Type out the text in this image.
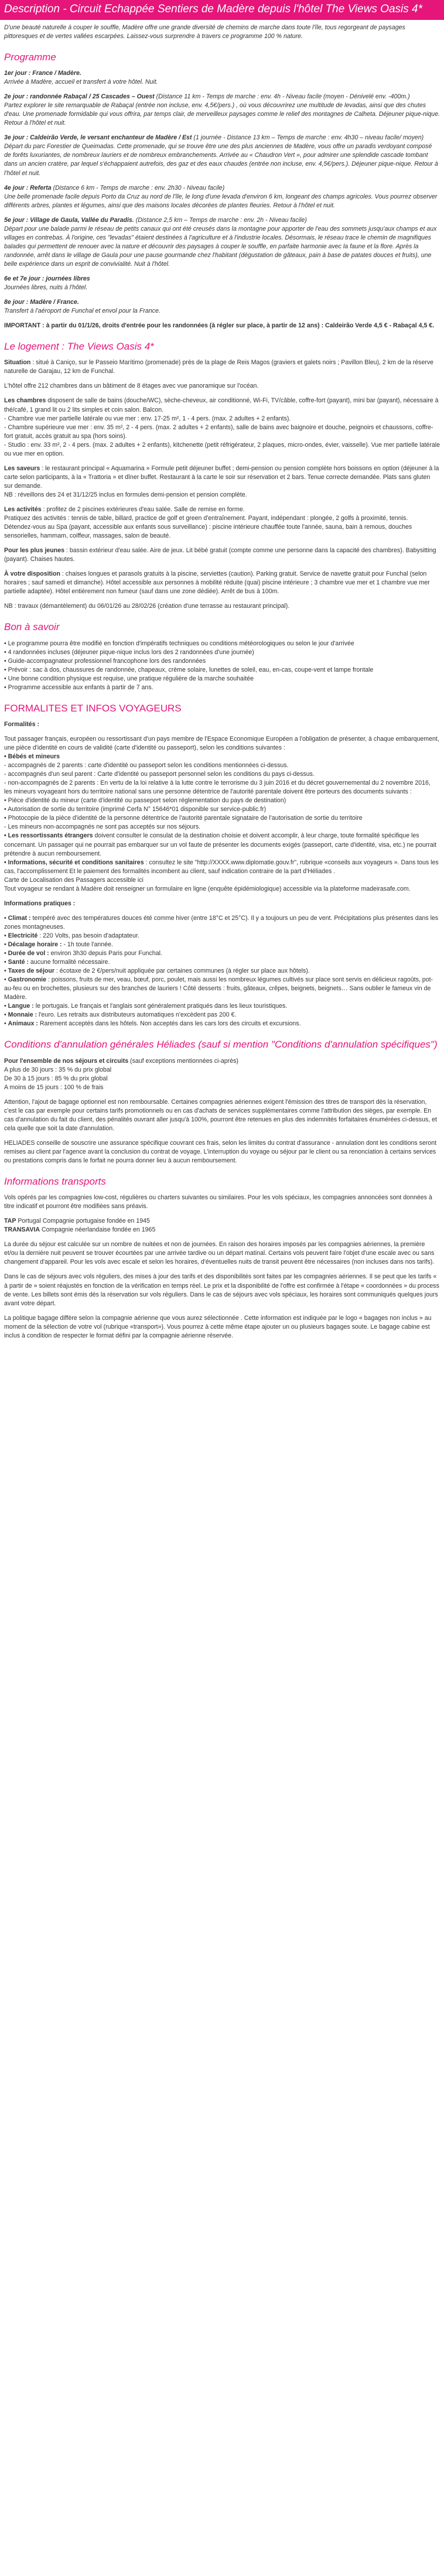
Description - Circuit Echappée Sentiers de Madère depuis l'hôtel The Views Oasis 4*

D'une beauté naturelle à couper le souffle, Madère offre une grande diversité de chemins de marche dans toute l'île, tous regorgeant de paysages pittoresques et de vertes vallées escarpées. Laissez-vous surprendre à travers ce programme 100 % nature.

Programme

1er jour : France / Madère.
Arrivée à Madère, accueil et transfert à votre hôtel. Nuit.

2e jour : randonnée Rabaçal / 25 Cascades – Ouest (Distance 11 km - Temps de marche : env. 4h - Niveau facile (moyen - Dénivelé env. -400m.)
Partez explorer le site remarquable de Rabaçal (entrée non incluse, env. 4,5€/pers.) , où vous découvrirez une multitude de levadas, ainsi que des chutes d'eau. Une promenade formidable qui vous offrira, par temps clair, de merveilleux paysages comme le relief des montagnes de Calheta. Déjeuner pique-nique. Retour à l'hôtel et nuit.

3e jour : Caldeirão Verde, le versant enchanteur de Madère / Est (1 journée - Distance 13 km – Temps de marche : env. 4h30 – niveau facile/ moyen)
Départ du parc Forestier de Queimadas. Cette promenade, qui se trouve être une des plus anciennes de Madère, vous offre un paradis verdoyant composé de forêts luxuriantes, de nombreux lauriers et de nombreux embranchements. Arrivée au « Chaudron Vert », pour admirer une splendide cascade tombant dans un ancien cratère, par lequel s'échappaient autrefois, des gaz et des eaux chaudes (entrée non incluse, env. 4,5€/pers.). Déjeuner pique-nique. Retour à l'hôtel et nuit.

4e jour : Referta (Distance 6 km - Temps de marche : env. 2h30 - Niveau facile)
Une belle promenade facile depuis Porto da Cruz au nord de l'île, le long d'une levada d'environ 6 km, longeant des champs agricoles. Vous pourrez observer différents arbres, plantes et légumes, ainsi que des maisons locales décorées de plantes fleuries. Retour à l'hôtel et nuit.

5e jour : Village de Gaula, Vallée du Paradis. (Distance 2,5 km – Temps de marche : env. 2h - Niveau facile)
Départ pour une balade parmi le réseau de petits canaux qui ont été creusés dans la montagne pour apporter de l'eau des sommets jusqu'aux champs et aux villages en contrebas. À l'origine, ces "levadas" étaient destinées à l'agriculture et à l'industrie locales. Désormais, le réseau trace le chemin de magnifiques balades qui permettent de renouer avec la nature et découvrir des paysages à couper le souffle, en parfaite harmonie avec la faune et la flore. Après la randonnée, arrêt dans le village de Gaula pour une pause gourmande chez l'habitant (dégustation de gâteaux, pain à base de patates douces et fruits), une belle expérience dans un esprit de convivialité. Nuit à l'hôtel.

6e et 7e jour : journées libres
Journées libres, nuits à l'hôtel.

8e jour : Madère / France.
Transfert à l'aéroport de Funchal et envol pour la France.

IMPORTANT : à partir du 01/1/26, droits d'entrée pour les randonnées (à régler sur place, à partir de 12 ans) : Caldeirão Verde 4,5 € - Rabaçal 4,5 €.

Le logement : The Views Oasis 4*

Situation : situé à Caniço, sur le Passeio Marítimo (promenade) près de la plage de Reis Magos (graviers et galets noirs ; Pavillon Bleu), 2 km de la réserve naturelle de Garajau, 12 km de Funchal.

L'hôtel offre 212 chambres dans un bâtiment de 8 étages avec vue panoramique sur l'océan.

Les chambres disposent de salle de bains (douche/WC), sèche-cheveux, air conditionné, Wi-Fi, TV/câble, coffre-fort (payant), mini bar (payant), nécessaire à thé/café, 1 grand lit ou 2 lits simples et coin salon. Balcon.
- Chambre vue mer partielle latérale ou vue mer : env. 17-25 m², 1 - 4 pers. (max. 2 adultes + 2 enfants).
- Chambre supérieure vue mer : env. 35 m², 2 - 4 pers. (max. 2 adultes + 2 enfants), salle de bains avec baignoire et douche, peignoirs et chaussons, coffre-fort gratuit, accès gratuit au spa (hors soins).
- Studio : env. 33 m², 2 - 4 pers. (max. 2 adultes + 2 enfants), kitchenette (petit réfrigérateur, 2 plaques, micro-ondes, évier, vaisselle). Vue mer partielle latérale ou vue mer en option.

Les saveurs : le restaurant principal « Aquamarina » Formule petit déjeuner buffet ; demi-pension ou pension complète hors boissons en option (déjeuner à la carte selon participants, à la « Trattoria » et dîner buffet. Restaurant à la carte le soir sur réservation et 2 bars. Tenue correcte demandée. Plats sans gluten sur demande.
NB : réveillons des 24 et 31/12/25 inclus en formules demi-pension et pension complète.

Les activités : profitez de 2 piscines extérieures d'eau salée. Salle de remise en forme.
Pratiquez des activités : tennis de table, billard, practice de golf et green d'entraînement. Payant, indépendant : plongée, 2 golfs à proximité, tennis.
Détendez-vous au Spa (payant, accessible aux enfants sous surveillance) : piscine intérieure chauffée toute l'année, sauna, bain à remous, douches sensorielles, hammam, coiffeur, massages, salon de beauté.

Pour les plus jeunes : bassin extérieur d'eau salée. Aire de jeux. Lit bébé gratuit (compte comme une personne dans la capacité des chambres). Babysitting (payant). Chaises hautes.

À votre disposition : chaises longues et parasols gratuits à la piscine, serviettes (caution). Parking gratuit. Service de navette gratuit pour Funchal (selon horaires ; sauf samedi et dimanche). Hôtel accessible aux personnes à mobilité réduite (quai) piscine intérieure ; 3 chambre vue mer et 1 chambre vue mer partielle adaptée). Hôtel entièrement non fumeur (sauf dans une zone dédiée). Arrêt de bus à 100m.

NB : travaux (démantèlement) du 06/01/26 au 28/02/26 (création d'une terrasse au restaurant principal).

Bon à savoir
• Le programme pourra être modifié en fonction d'impératifs techniques ou conditions météorologiques ou selon le jour d'arrivée
• 4 randonnées incluses (déjeuner pique-nique inclus lors des 2 randonnées d'une journée)
• Guide-accompagnateur professionnel francophone lors des randonnées
• Prévoir : sac à dos, chaussures de randonnée, chapeaux, crème solaire, lunettes de soleil, eau, en-cas, coupe-vent et lampe frontale
• Une bonne condition physique est requise, une pratique régulière de la marche souhaitée
• Programme accessible aux enfants à partir de 7 ans.
FORMALITES ET INFOS VOYAGEURS

Formalités :

Tout passager français, européen ou ressortissant d'un pays membre de l'Espace Economique Européen a l'obligation de présenter, à chaque embarquement, une pièce d'identité en cours de validité (carte d'identité ou passeport), selon les conditions suivantes :
• Bébés et mineurs
- accompagnés de 2 parents : carte d'identité ou passeport selon les conditions mentionnées ci-dessus.
- accompagnés d'un seul parent : Carte d'identité ou passeport personnel selon les conditions du pays ci-dessus.
- non-accompagnés de 2 parents : En vertu de la loi relative à la lutte contre le terrorisme du 3 juin 2016 et du décret gouvernemental du 2 novembre 2016, les mineurs voyageant hors du territoire national sans une personne détentrice de l'autorité parentale doivent être porteurs des documents suivants :
• Pièce d'identité du mineur (carte d'identité ou passeport selon réglementation du pays de destination)
• Autorisation de sortie du territoire (imprimé Cerfa N° 15646*01 disponible sur service-public.fr)
• Photocopie de la pièce d'identité de la personne détentrice de l'autorité parentale signataire de l'autorisation de sortie du territoire
- Les mineurs non-accompagnés ne sont pas acceptés sur nos séjours.
• Les ressortissants étrangers doivent consulter le consulat de la destination choisie et doivent accomplir, à leur charge, toute formalité spécifique les concernant. Un passager qui ne pourrait pas embarquer sur un vol faute de présenter les documents exigés (passeport, carte d'identité, visa, etc.) ne pourrait prétendre à aucun remboursement.
• Informations, sécurité et conditions sanitaires : consultez le site "http://XXXX.www.diplomatie.gouv.fr", rubrique «conseils aux voyageurs ». Dans tous les cas, l'accomplissement Et le paiement des formalités incombent au client, sauf indication contraire de la part d'Héliades .
Carte de Localisation des Passagers accessible ici
Tout voyageur se rendant à Madère doit renseigner un formulaire en ligne (enquête épidémiologique) accessible via la plateforme madeirasafe.com.

Informations pratiques :

• Climat : tempéré avec des températures douces été comme hiver (entre 18°C et 25°C). Il y a toujours un peu de vent. Précipitations plus présentes dans les zones montagneuses.
• Electricité : 220 Volts, pas besoin d'adaptateur.
• Décalage horaire : - 1h toute l'année.
• Durée de vol : environ 3h30 depuis Paris pour Funchal.
• Santé : aucune formalité nécessaire.
• Taxes de séjour : écotaxe de 2 €/pers/nuit appliquée par certaines communes (à régler sur place aux hôtels).
• Gastronomie : poissons, fruits de mer, veau, bœuf, porc, poulet, mais aussi les nombreux légumes cultivés sur place sont servis en délicieux ragoûts, pot-au-feu ou en brochettes, plusieurs sur des branches de lauriers ! Côté desserts : fruits, gâteaux, crêpes, beignets, beignets… Sans oublier le fameux vin de Madère.
• Langue : le portugais. Le français et l'anglais sont généralement pratiqués dans les lieux touristiques.
• Monnaie : l'euro. Les retraits aux distributeurs automatiques n'excèdent pas 200 €.
• Animaux : Rarement acceptés dans les hôtels. Non acceptés dans les cars lors des circuits et excursions.
Conditions d'annulation générales Héliades (sauf si mention "Conditions d'annulation spécifiques")

Pour l'ensemble de nos séjours et circuits (sauf exceptions mentionnées ci-après)
A plus de 30 jours : 35 % du prix global
De 30 à 15 jours : 85 % du prix global
A moins de 15 jours : 100 % de frais

Attention, l'ajout de bagage optionnel est non remboursable. Certaines compagnies aériennes exigent l'émission des titres de transport dès la réservation, c'est le cas par exemple pour certains tarifs promotionnels ou en cas d'achats de services supplémentaires comme l'attribution des sièges, par exemple. En cas d'annulation du fait du client, des pénalités ouvrant aller jusqu'à 100%, pourront être retenues en plus des indemnités forfaitaires énumérées ci-dessus, et cela quelle que soit la date d'annulation.

HELIADES conseille de souscrire une assurance spécifique couvrant ces frais, selon les limites du contrat d'assurance - annulation dont les conditions seront remises au client par l'agence avant la conclusion du contrat de voyage. L'interruption du voyage ou séjour par le client ou sa renonciation à certains services ou prestations compris dans le forfait ne pourra donner lieu à aucun remboursement.

Informations transports

Vols opérés par les compagnies low-cost, régulières ou charters suivantes ou similaires. Pour les vols spéciaux, les compagnies annoncées sont données à titre indicatif et pourront être modifiées sans préavis.

TAP Portugal Compagnie portugaise fondée en 1945
TRANSAVIA Compagnie néerlandaise fondée en 1965

La durée du séjour est calculée sur un nombre de nuitées et non de journées. En raison des horaires imposés par les compagnies aériennes, la première et/ou la dernière nuit peuvent se trouver écourtées par une arrivée tardive ou un départ matinal. Certains vols peuvent faire l'objet d'une escale avec ou sans changement d'appareil. Pour les vols avec escale et selon les horaires, d'éventuelles nuits de transit peuvent être nécessaires (non incluses dans nos tarifs).

Dans le cas de séjours avec vols réguliers, des mises à jour des tarifs et des disponibilités sont faites par les compagnies aériennes. Il se peut que les tarifs « à partir de » soient réajustés en fonction de la vérification en temps réel. Le prix et la disponibilité de l'offre est confirmée à l'étape « coordonnées » du process de vente. Les billets sont émis dès la réservation sur vols réguliers. Dans le cas de séjours avec vols spéciaux, les horaires sont communiqués quelques jours avant votre départ.

La politique bagage diffère selon la compagnie aérienne que vous aurez sélectionnée . Cette information est indiquée par le logo « bagages non inclus » au moment de la sélection de votre vol (rubrique «transport»). Vous pourrez à cette même étape ajouter un ou plusieurs bagages soute. Le bagage cabine est inclus à condition de respecter le format défini par la compagnie aérienne réservée.
